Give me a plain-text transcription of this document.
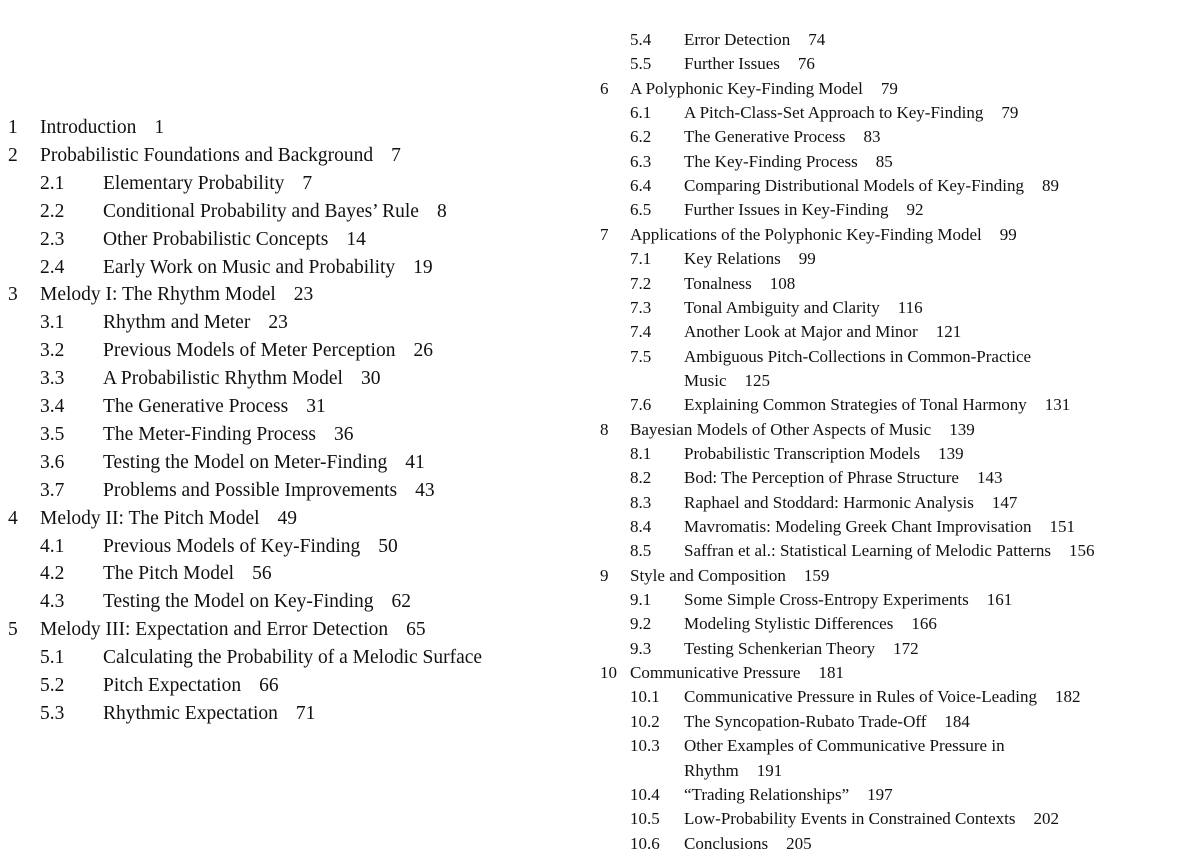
1 Introduction 1
2 Probabilistic Foundations and Background 7
2.1 Elementary Probability 7
2.2 Conditional Probability and Bayes’ Rule 8
2.3 Other Probabilistic Concepts 14
2.4 Early Work on Music and Probability 19
3 Melody I: The Rhythm Model 23
3.1 Rhythm and Meter 23
3.2 Previous Models of Meter Perception 26
3.3 A Probabilistic Rhythm Model 30
3.4 The Generative Process 31
3.5 The Meter-Finding Process 36
3.6 Testing the Model on Meter-Finding 41
3.7 Problems and Possible Improvements 43
4 Melody II: The Pitch Model 49
4.1 Previous Models of Key-Finding 50
4.2 The Pitch Model 56
4.3 Testing the Model on Key-Finding 62
5 Melody III: Expectation and Error Detection 65
5.1 Calculating the Probability of a Melodic Surface
5.2 Pitch Expectation 66
5.3 Rhythmic Expectation 71
5.4 Error Detection 74
5.5 Further Issues 76
6 A Polyphonic Key-Finding Model 79
6.1 A Pitch-Class-Set Approach to Key-Finding 79
6.2 The Generative Process 83
6.3 The Key-Finding Process 85
6.4 Comparing Distributional Models of Key-Finding 89
6.5 Further Issues in Key-Finding 92
7 Applications of the Polyphonic Key-Finding Model 99
7.1 Key Relations 99
7.2 Tonalness 108
7.3 Tonal Ambiguity and Clarity 116
7.4 Another Look at Major and Minor 121
7.5 Ambiguous Pitch-Collections in Common-Practice
Music 125
7.6 Explaining Common Strategies of Tonal Harmony 131
8 Bayesian Models of Other Aspects of Music 139
8.1 Probabilistic Transcription Models 139
8.2 Bod: The Perception of Phrase Structure 143
8.3 Raphael and Stoddard: Harmonic Analysis 147
8.4 Mavromatis: Modeling Greek Chant Improvisation 151
8.5 Saffran et al.: Statistical Learning of Melodic Patterns 156
9 Style and Composition 159
9.1 Some Simple Cross-Entropy Experiments 161
9.2 Modeling Stylistic Differences 166
9.3 Testing Schenkerian Theory 172
10 Communicative Pressure 181
10.1 Communicative Pressure in Rules of Voice-Leading 182
10.2 The Syncopation-Rubato Trade-Off 184
10.3 Other Examples of Communicative Pressure in
Rhythm 191
10.4 “Trading Relationships” 197
10.5 Low-Probability Events in Constrained Contexts 202
10.6 Conclusions 205
